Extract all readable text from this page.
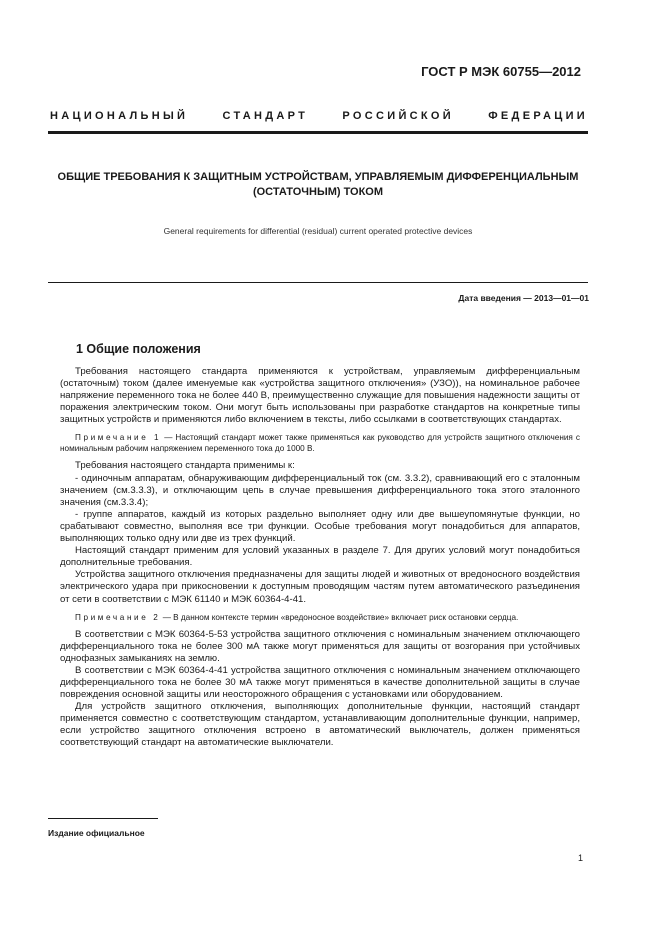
ГОСТ Р МЭК 60755—2012
НАЦИОНАЛЬНЫЙ СТАНДАРТ РОССИЙСКОЙ ФЕДЕРАЦИИ
ОБЩИЕ ТРЕБОВАНИЯ К ЗАЩИТНЫМ УСТРОЙСТВАМ, УПРАВЛЯЕМЫМ ДИФФЕРЕНЦИАЛЬНЫМ
(ОСТАТОЧНЫМ) ТОКОМ
General requirements for differential (residual) current operated protective devices
Дата введения — 2013—01—01
1 Общие положения

Требования настоящего стандарта применяются к устройствам, управляемым дифференциальным (остаточным) током (далее именуемые как «устройства защитного отключения» (УЗО)), на номинальное рабочее напряжение переменного тока не более 440 В, преимущественно служащие для повышения надежности защиты от поражения электрическим током. Они могут быть использованы при разработке стандартов на конкретные типы защитных устройств и применяются либо включением в тексты, либо ссылками в соответствующих стандартах.

Примечание 1 — Настоящий стандарт может также применяться как руководство для устройств защитного отключения с номинальным рабочим напряжением переменного тока до 1000 В.

Требования настоящего стандарта применимы к:

- одиночным аппаратам, обнаруживающим дифференциальный ток (см. 3.3.2), сравнивающий его с эталонным значением (см.3.3.3), и отключающим цепь в случае превышения дифференциального тока этого эталонного значения (см.3.3.4);

- группе аппаратов, каждый из которых раздельно выполняет одну или две вышеупомянутые функции, но срабатывают совместно, выполняя все три функции. Особые требования могут понадобиться для аппаратов, выполняющих только одну или две из трех функций.

Настоящий стандарт применим для условий указанных в разделе 7. Для других условий могут понадобиться дополнительные требования.

Устройства защитного отключения предназначены для защиты людей и животных от вредоносного воздействия электрического удара при прикосновении к доступным проводящим частям путем автоматического разъединения от сети в соответствии с МЭК 61140 и МЭК 60364-4-41.

Примечание 2 — В данном контексте термин «вредоносное воздействие» включает риск остановки сердца.

В соответствии с МЭК 60364-5-53 устройства защитного отключения с номинальным значением отключающего дифференциального тока не более 300 мА также могут применяться для защиты от возгорания при устойчивых однофазных замыканиях на землю.

В соответствии с МЭК 60364-4-41 устройства защитного отключения с номинальным значением отключающего дифференциального тока не более 30 мА также могут применяться в качестве дополнительной защиты в случае повреждения основной защиты или неосторожного обращения с установками или оборудованием.

Для устройств защитного отключения, выполняющих дополнительные функции, настоящий стандарт применяется совместно с соответствующим стандартом, устанавливающим дополнительные функции, например, если устройство защитного отключения встроено в автоматический выключатель, должен применяться соответствующий стандарт на автоматические выключатели.

Издание официальное
1
